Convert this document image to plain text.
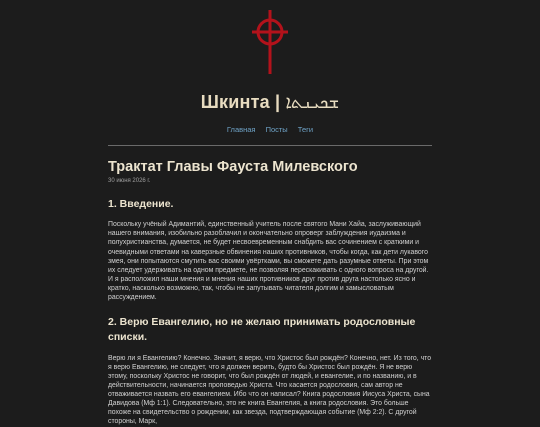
Шкинта | ܫܟܝܢܬܐ
Главная Посты Теги
Трактат Главы Фауста Милевского
30 июня 2026 г.
1. Введение.

Поскольку учёный Адимантий, единственный учитель после святого Мани Хайа, заслуживающий нашего внимания, изобильно разоблачил и окончательно опроверг заблуждения иудаизма и полухристианства, думается, не будет несвоевременным снабдить вас сочинением с краткими и очевидными ответами на каверзные обвинения наших противников, чтобы когда, как дети лукавого змея, они попытаются смутить вас своими увёртками, вы сможете дать разумные ответы. При этом их следует удерживать на одном предмете, не позволяя перескакивать с одного вопроса на другой. И я расположил наши мнения и мнения наших противников друг против друга настолько ясно и кратко, насколько возможно, так, чтобы не запутывать читателя долгим и замысловатым рассуждением.

2. Верю Евангелию, но не желаю принимать родословные списки.

Верю ли я Евангелию? Конечно. Значит, я верю, что Христос был рождён? Конечно, нет. Из того, что я верю Евангелию, не следует, что я должен верить, будто бы Христос был рождён. Я не верю этому, поскольку Христос не говорит, что был рождён от людей, и евангелие, и по названию, и в действительности, начинается проповедью Христа. Что касается родословия, сам автор не отваживается назвать его евангелием. Ибо что он написал? Книга родословия Иисуса Христа, сына Давидова (Мф 1:1). Следовательно, это не книга Евангелия, а книга родословия. Это больше похоже на свидетельство о рождении, как звезда, подтверждающая событие (Мф 2:2). С другой стороны, Марк,
